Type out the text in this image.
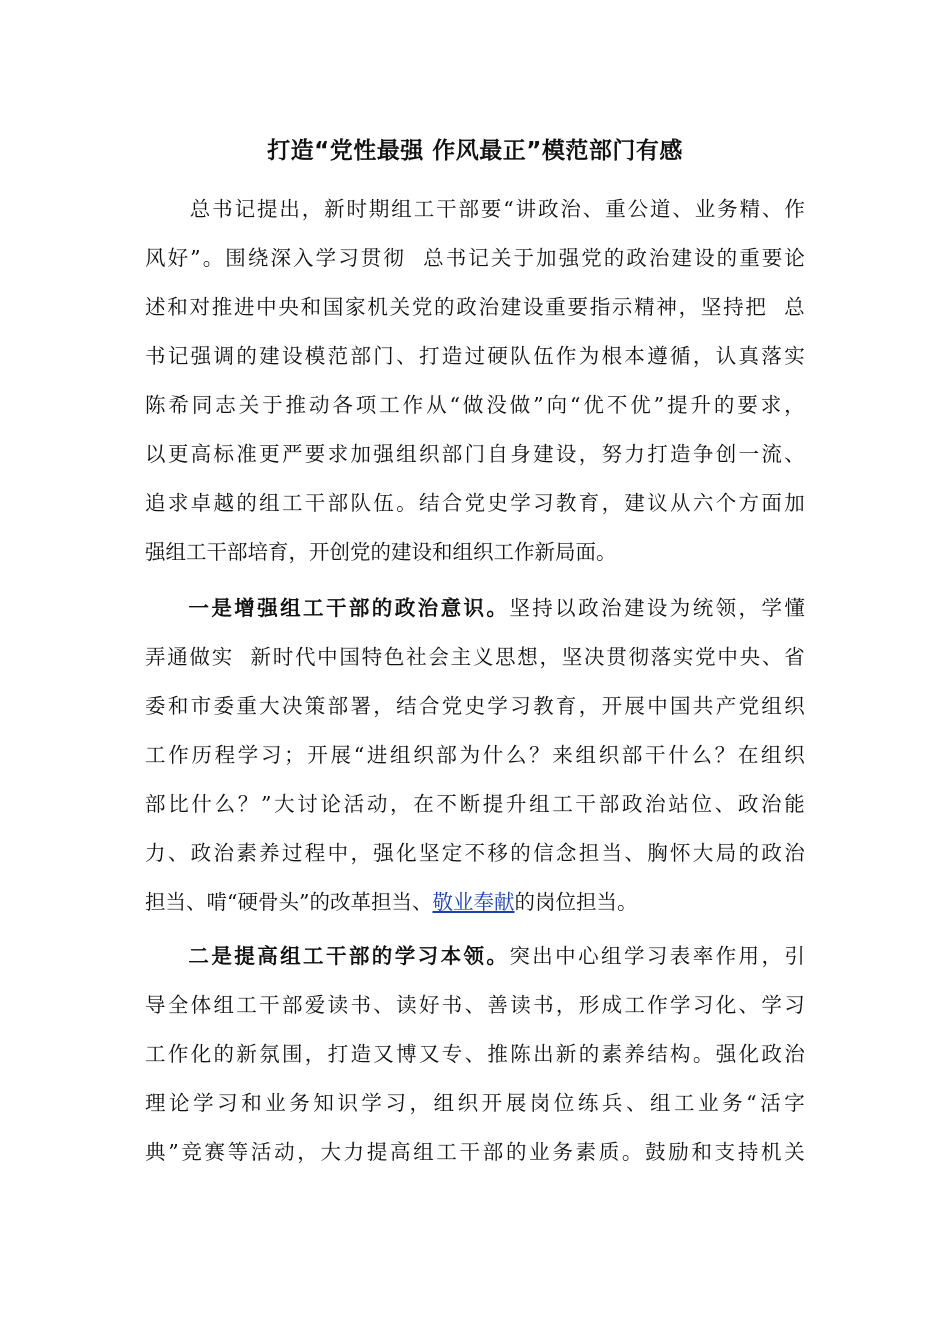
打造“党性最强 作风最正”模范部门有感

总 书 记 提 出 ， 新 时 期 组 工 干 部 要 “ 讲 政 治 、 重 公 道 、 业 务 精 、 作
风 好 ” 。 围 绕 深 入 学 习 贯 彻

总 书 记 关 于 加 强 党 的 政 治 建 设 的 重 要 论
述 和 对 推 进 中 央 和 国 家 机 关 党 的 政 治 建 设 重 要 指 示 精 神 ， 坚 持 把

总
书 记 强 调 的 建 设 模 范 部 门 、 打 造 过 硬 队 伍 作 为 根 本 遵 循 ， 认 真 落 实
陈 希 同 志 关 于 推 动 各 项 工 作 从 “ 做 没 做 ” 向 “ 优 不 优 ” 提 升 的 要 求 ，
以 更 高 标 准 更 严 要 求 加 强 组 织 部 门 自 身 建 设 ， 努 力 打 造 争 创 一 流 、
追 求 卓 越 的 组 工 干 部 队 伍 。 结 合 党 史 学 习 教 育 ， 建 议 从 六 个 方 面 加
强组工干部培育，开创党的建设和组织工作新局面。

一 是 增 强 组 工 干 部 的 政 治 意 识 。 坚 持 以 政 治 建 设 为 统 领 ， 学 懂
弄 通 做 实

新 时 代 中 国 特 色 社 会 主 义 思 想 ， 坚 决 贯 彻 落 实 党 中 央 、 省
委 和 市 委 重 大 决 策 部 署 ， 结 合 党 史 学 习 教 育 ， 开 展 中 国 共 产 党 组 织
工 作 历 程 学 习 ； 开 展 “ 进 组 织 部 为 什 么 ？ 来 组 织 部 干 什 么 ？ 在 组 织
部 比 什 么 ？ ” 大 讨 论 活 动 ， 在 不 断 提 升 组 工 干 部 政 治 站 位 、 政 治 能
力 、 政 治 素 养 过 程 中 ， 强 化 坚 定 不 移 的 信 念 担 当 、 胸 怀 大 局 的 政 治
担当、啃“硬骨头”的改革担当、 敬业奉献 的岗位担当。

二 是 提 高 组 工 干 部 的 学 习 本 领 。 突 出 中 心 组 学 习 表 率 作 用 ， 引
导 全 体 组 工 干 部 爱 读 书 、 读 好 书 、 善 读 书 ， 形 成 工 作 学 习 化 、 学 习
工 作 化 的 新 氛 围 ， 打 造 又 博 又 专 、 推 陈 出 新 的 素 养 结 构 。 强 化 政 治
理 论 学 习 和 业 务 知 识 学 习 ， 组 织 开 展 岗 位 练 兵 、 组 工 业 务 “ 活 字
典 ” 竞 赛 等 活 动 ， 大 力 提 高 组 工 干 部 的 业 务 素 质 。 鼓 励 和 支 持 机 关
